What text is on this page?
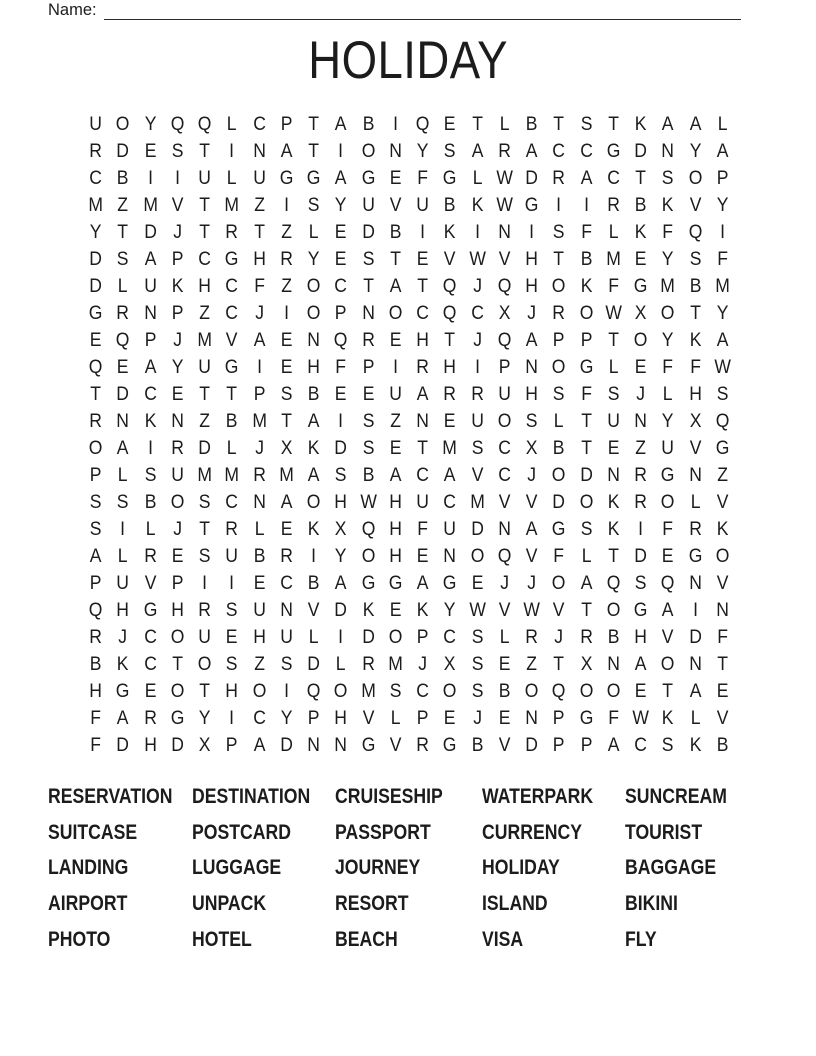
Name:
HOLIDAY
U O Y Q Q L C P T A B I Q E T L B T S T K A A L
R D E S T I N A T I O N Y S A R A C C G D N Y A
C B I	I U L U G G A G E F G L W D R A C T S O P
M Z M V T M Z I S Y U V U B K W G I	I R B K V Y
Y T D J T R T Z L E D B I K I N I S F L K F Q I
D S A P C G H R Y E S T E V W V H T B M E Y S F
D L U K H C F Z O C T A T Q J Q H O K F G M B M
G R N P Z C J	I O P N O C Q C X J R O W X O T Y
E Q P J M V A E N Q R E H T J Q A P P T O Y K A
Q E A Y U G I E H F P I R H I P N O G L E F F W
T D C E T T P S B E E U A R R U H S F S J L H S
R N K N Z B M T A I S Z N E U O S L T U N Y X Q
O A I R D L J X K D S E T M S C X B T E Z U V G
P L S U M M R M A S B A C A V C J O D N R G N Z
S S B O S C N A O H W H U C M V V D O K R O L V
S I	L J T R L E K X Q H F U D N A G S K I F R K
A L R E S U B R I Y O H E N O Q V F L T D E G O
P U V P I	I E C B A G G A G E J J O A Q S Q N V
Q H G H R S U N V D K E K Y W V W V T O G A I N
R J C O U E H U L	I D O P C S L R J R B H V D F
B K C T O S Z S D L R M J X S E Z T X N A O N T
H G E O T H O I Q O M S C O S B O Q O O E T A E
F A R G Y I C Y P H V L P E J E N P G F W K L V
F D H D X P A D N N G V R G B V D P P A C S K B
RESERVATION DESTINATION CRUISESHIP	WATERPARK	SUNCREAM
SUITCASE	POSTCARD	PASSPORT	CURRENCY	TOURIST
LANDING	LUGGAGE	JOURNEY	HOLIDAY	BAGGAGE
AIRPORT	UNPACK	RESORT	ISLAND	BIKINI
PHOTO	HOTEL	BEACH	VISA	FLY
